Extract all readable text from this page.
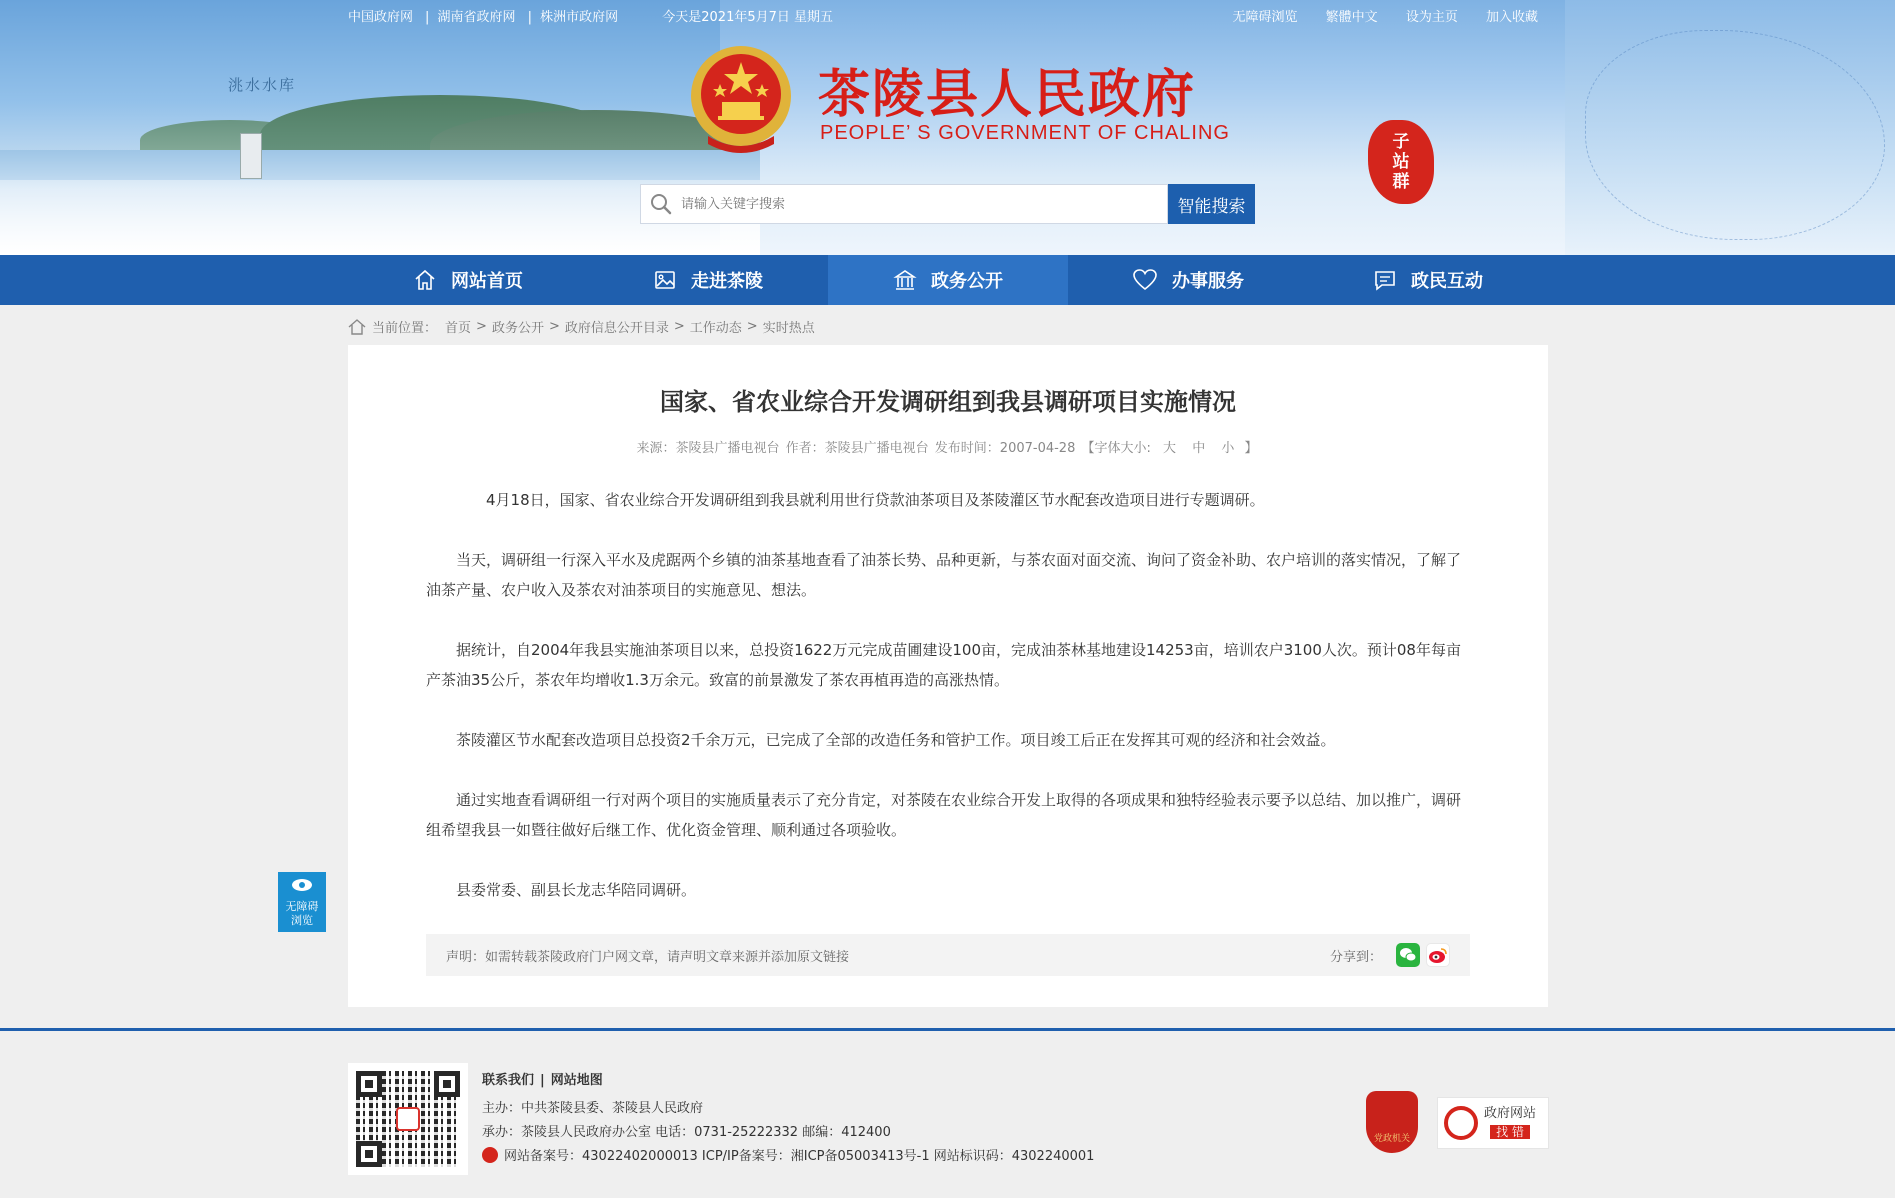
洮水水库
中国政府网 | 湖南省政府网 | 株洲市政府网	今天是2021年5月7日 星期五	无障碍浏览 繁體中文 设为主页 加入收藏
茶陵县人民政府
PEOPLE’ S GOVERNMENT OF CHALING	子站群
请输入关键字搜索
智能搜索
网站首页	走进茶陵	政务公开	办事服务	政民互动
当前位置： 首页 > 政务公开 > 政府信息公开目录 > 工作动态 > 实时热点
国家、省农业综合开发调研组到我县调研项目实施情况
来源：茶陵县广播电视台 作者：茶陵县广播电视台 发布时间：2007-04-28 【字体大小: 大 中 小 】

4月18日，国家、省农业综合开发调研组到我县就利用世行贷款油茶项目及茶陵灌区节水配套改造项目进行专题调研。

当天，调研组一行深入平水及虎踞两个乡镇的油茶基地查看了油茶长势、品种更新，与茶农面对面交流、询问了资金补助、农户培训的落实情况，了解了油茶产量、农户收入及茶农对油茶项目的实施意见、想法。

据统计，自2004年我县实施油茶项目以来，总投资1622万元完成苗圃建设100亩，完成油茶林基地建设14253亩，培训农户3100人次。预计08年每亩产茶油35公斤，茶农年均增收1.3万余元。致富的前景激发了茶农再植再造的高涨热情。

茶陵灌区节水配套改造项目总投资2千余万元，已完成了全部的改造任务和管护工作。项目竣工后正在发挥其可观的经济和社会效益。

通过实地查看调研组一行对两个项目的实施质量表示了充分肯定，对茶陵在农业综合开发上取得的各项成果和独特经验表示要予以总结、加以推广，调研组希望我县一如暨往做好后继工作、优化资金管理、顺利通过各项验收。

县委常委、副县长龙志华陪同调研。

声明：如需转载茶陵政府门户网文章，请声明文章来源并添加原文链接	分享到：
无障碍
浏览
联系我们 | 网站地图
主办：中共茶陵县委、茶陵县人民政府
承办：茶陵县人民政府办公室 电话：0731-25222332 邮编：412400
网站备案号：43022402000013 ICP/IP备案号：湘ICP备05003413号-1 网站标识码：4302240001
党政机关
政府网站
找 错
